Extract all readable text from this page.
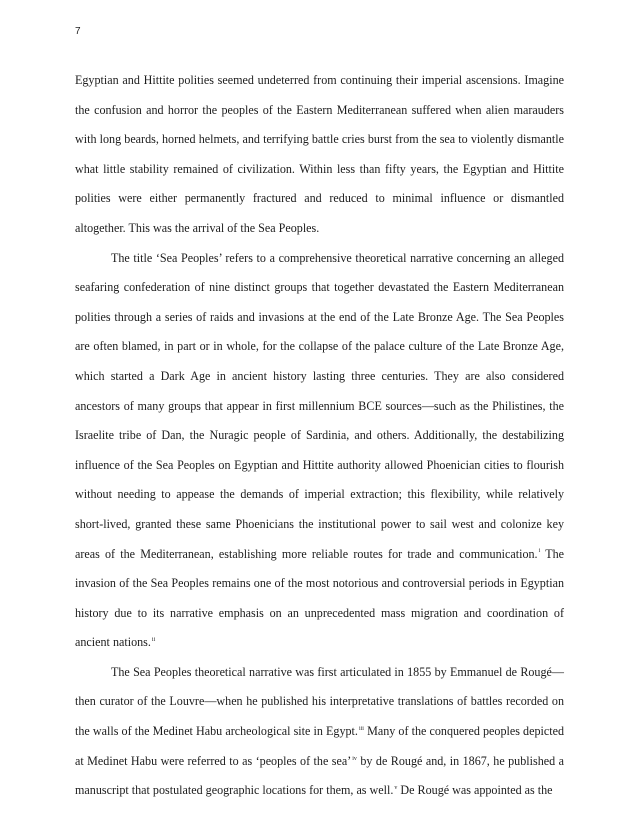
7

Egyptian and Hittite polities seemed undeterred from continuing their imperial ascensions. Imagine the confusion and horror the peoples of the Eastern Mediterranean suffered when alien marauders with long beards, horned helmets, and terrifying battle cries burst from the sea to violently dismantle what little stability remained of civilization. Within less than fifty years, the Egyptian and Hittite polities were either permanently fractured and reduced to minimal influence or dismantled altogether. This was the arrival of the Sea Peoples.

The title ‘Sea Peoples’ refers to a comprehensive theoretical narrative concerning an alleged seafaring confederation of nine distinct groups that together devastated the Eastern Mediterranean polities through a series of raids and invasions at the end of the Late Bronze Age. The Sea Peoples are often blamed, in part or in whole, for the collapse of the palace culture of the Late Bronze Age, which started a Dark Age in ancient history lasting three centuries. They are also considered ancestors of many groups that appear in first millennium BCE sources—such as the Philistines, the Israelite tribe of Dan, the Nuragic people of Sardinia, and others. Additionally, the destabilizing influence of the Sea Peoples on Egyptian and Hittite authority allowed Phoenician cities to flourish without needing to appease the demands of imperial extraction; this flexibility, while relatively short-lived, granted these same Phoenicians the institutional power to sail west and colonize key areas of the Mediterranean, establishing more reliable routes for trade and communication.$^i$ The invasion of the Sea Peoples remains one of the most notorious and controversial periods in Egyptian history due to its narrative emphasis on an unprecedented mass migration and coordination of ancient nations.$^{ii}$

The Sea Peoples theoretical narrative was first articulated in 1855 by Emmanuel de Rougé—then curator of the Louvre—when he published his interpretative translations of battles recorded on the walls of the Medinet Habu archeological site in Egypt.$^{iii}$ Many of the conquered peoples depicted at Medinet Habu were referred to as ‘peoples of the sea’$^{iv}$ by de Rougé and, in 1867, he published a manuscript that postulated geographic locations for them, as well.$^v$ De Rougé was appointed as the
